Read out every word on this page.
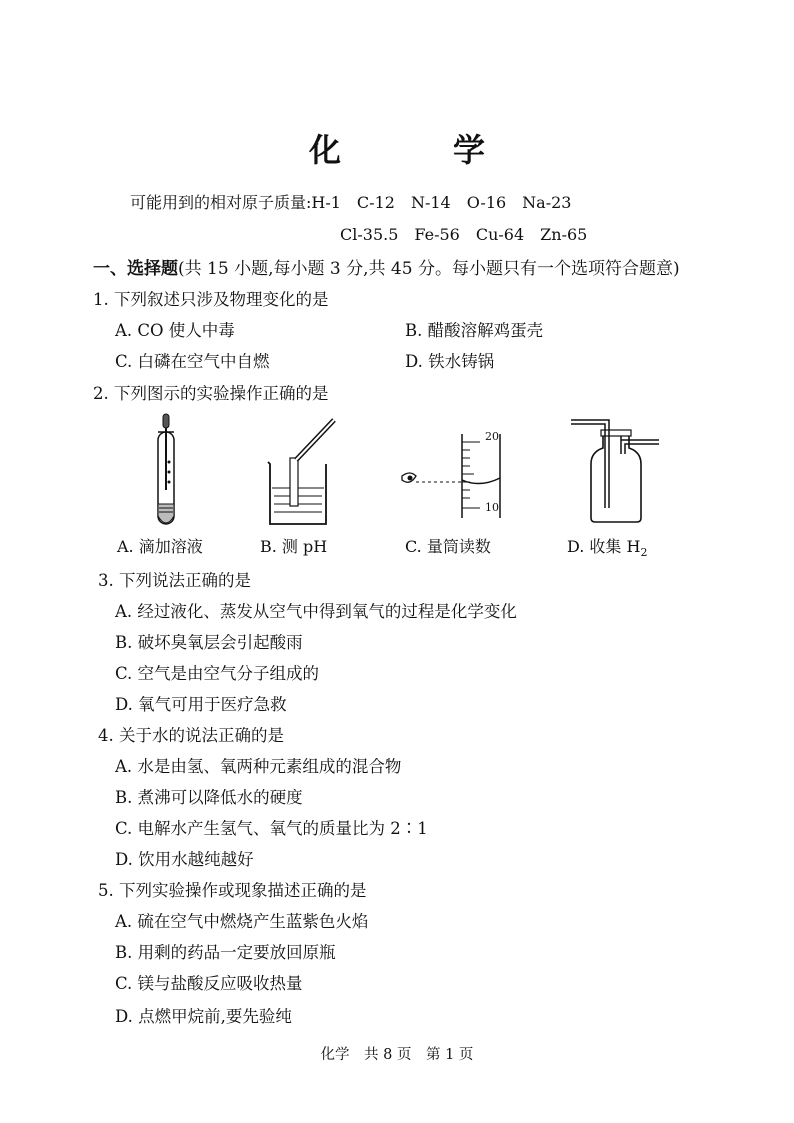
化　学
可能用到的相对原子质量:H-1　C-12　N-14　O-16　Na-23
Cl-35.5　Fe-56　Cu-64　Zn-65
一、选择题(共 15 小题,每小题 3 分,共 45 分。每小题只有一个选项符合题意)
1. 下列叙述只涉及物理变化的是
A. CO 使人中毒	B. 醋酸溶解鸡蛋壳
C. 白磷在空气中自燃	D. 铁水铸锅
2. 下列图示的实验操作正确的是
20
10
A. 滴加溶液	B. 测 pH	C. 量筒读数	D. 收集 $H_2$
3. 下列说法正确的是
A. 经过液化、蒸发从空气中得到氧气的过程是化学变化
B. 破坏臭氧层会引起酸雨
C. 空气是由空气分子组成的
D. 氧气可用于医疗急救
4. 关于水的说法正确的是
A. 水是由氢、氧两种元素组成的混合物
B. 煮沸可以降低水的硬度
C. 电解水产生氢气、氧气的质量比为 2∶1
D. 饮用水越纯越好
5. 下列实验操作或现象描述正确的是
A. 硫在空气中燃烧产生蓝紫色火焰
B. 用剩的药品一定要放回原瓶
C. 镁与盐酸反应吸收热量
D. 点燃甲烷前,要先验纯
化学　共 8 页　第 1 页
